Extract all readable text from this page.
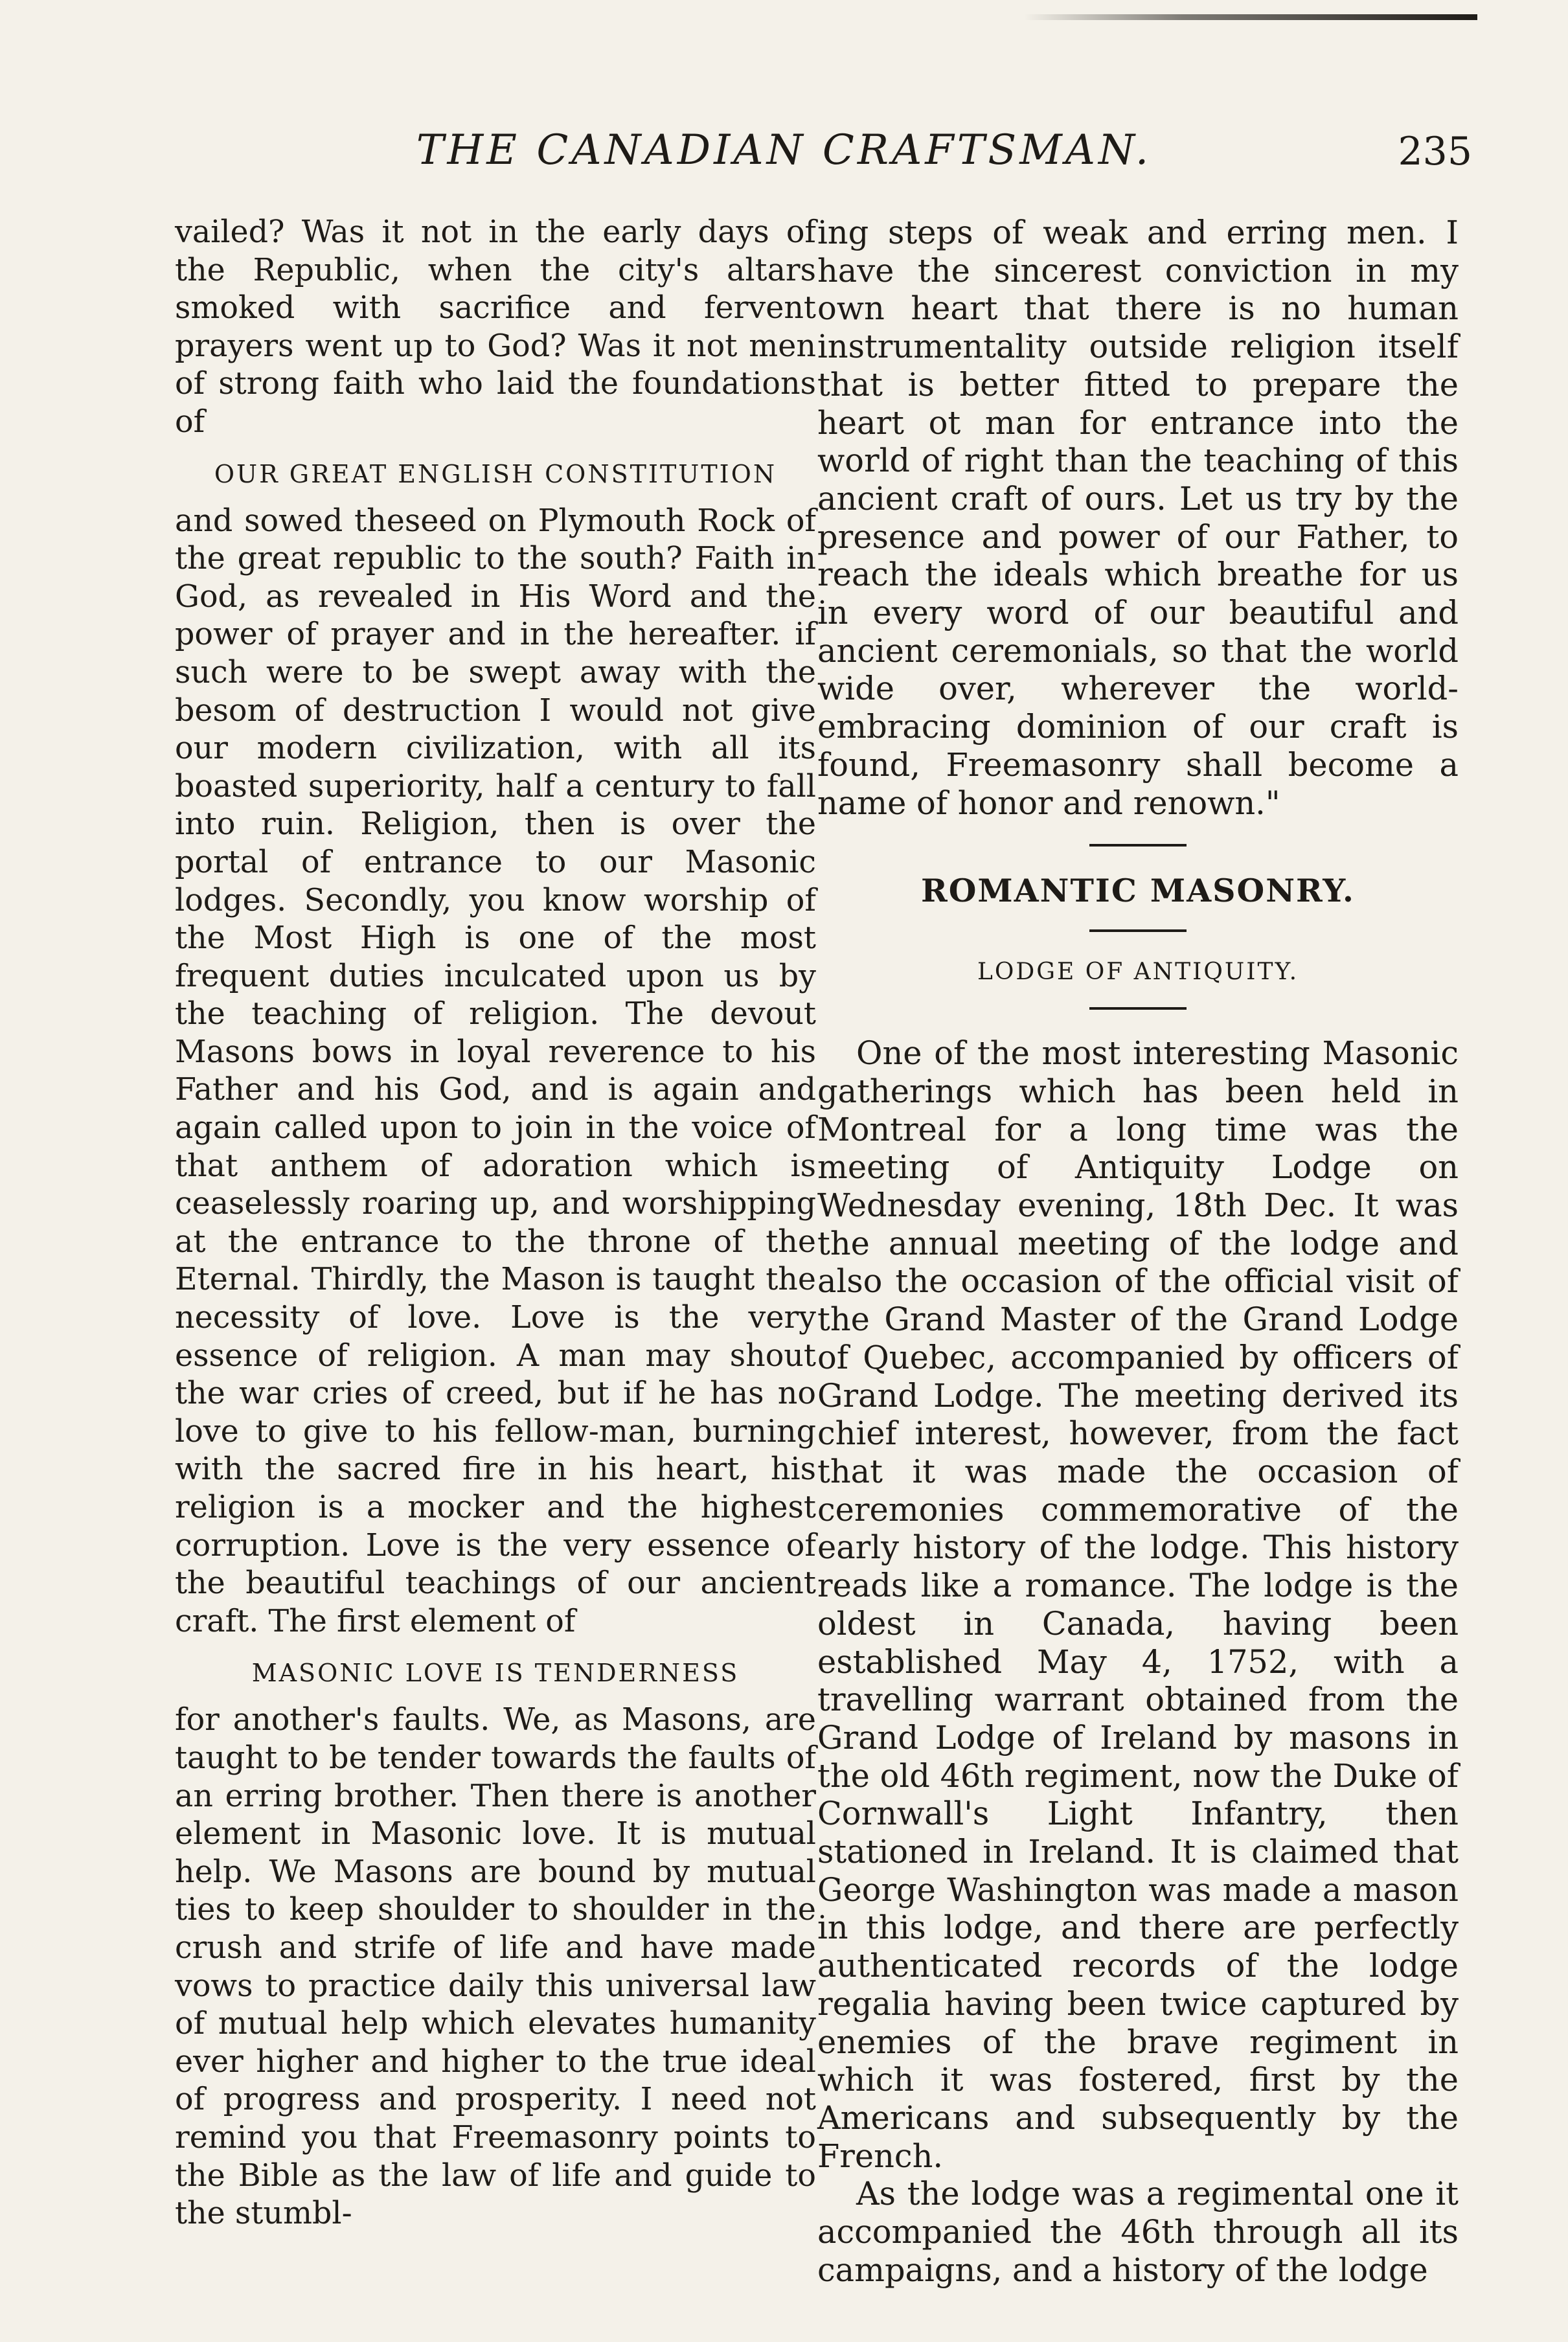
THE CANADIAN CRAFTSMAN.	235

vailed? Was it not in the early days of the Republic, when the city's altars smoked with sacrifice and fervent prayers went up to God? Was it not men of strong faith who laid the foundations of

OUR GREAT ENGLISH CONSTITUTION

and sowed theseed on Plymouth Rock of the great republic to the south? Faith in God, as revealed in His Word and the power of prayer and in the hereafter. if such were to be swept away with the besom of destruction I would not give our modern civilization, with all its boasted superiority, half a century to fall into ruin. Religion, then is over the portal of entrance to our Masonic lodges. Secondly, you know worship of the Most High is one of the most frequent duties inculcated upon us by the teaching of religion. The devout Masons bows in loyal reverence to his Father and his God, and is again and again called upon to join in the voice of that anthem of adoration which is ceaselessly roaring up, and worshipping at the entrance to the throne of the Eternal. Thirdly, the Mason is taught the necessity of love. Love is the very essence of religion. A man may shout the war cries of creed, but if he has no love to give to his fellow-man, burning with the sacred fire in his heart, his religion is a mocker and the highest corruption. Love is the very essence of the beautiful teachings of our ancient craft. The first element of

MASONIC LOVE IS TENDERNESS

for another's faults. We, as Masons, are taught to be tender towards the faults of an erring brother. Then there is another element in Masonic love. It is mutual help. We Masons are bound by mutual ties to keep shoulder to shoulder in the crush and strife of life and have made vows to practice daily this universal law of mutual help which elevates humanity ever higher and higher to the true ideal of progress and prosperity. I need not remind you that Freemasonry points to the Bible as the law of life and guide to the stumbl-

ing steps of weak and erring men. I have the sincerest conviction in my own heart that there is no human instrumentality outside religion itself that is better fitted to prepare the heart ot man for entrance into the world of right than the teaching of this ancient craft of ours. Let us try by the presence and power of our Father, to reach the ideals which breathe for us in every word of our beautiful and ancient ceremonials, so that the world wide over, wherever the world-embracing dominion of our craft is found, Freemasonry shall become a name of honor and renown."

ROMANTIC MASONRY.
LODGE OF ANTIQUITY.

One of the most interesting Masonic gatherings which has been held in Montreal for a long time was the meeting of Antiquity Lodge on Wednesday evening, 18th Dec. It was the annual meeting of the lodge and also the occasion of the official visit of the Grand Master of the Grand Lodge of Quebec, accompanied by officers of Grand Lodge. The meeting derived its chief interest, however, from the fact that it was made the occasion of ceremonies commemorative of the early history of the lodge. This history reads like a romance. The lodge is the oldest in Canada, having been established May 4, 1752, with a travelling warrant obtained from the Grand Lodge of Ireland by masons in the old 46th regiment, now the Duke of Cornwall's Light Infantry, then stationed in Ireland. It is claimed that George Washington was made a mason in this lodge, and there are perfectly authenticated records of the lodge regalia having been twice captured by enemies of the brave regiment in which it was fostered, first by the Americans and subsequently by the French.

As the lodge was a regimental one it accompanied the 46th through all its campaigns, and a history of the lodge
